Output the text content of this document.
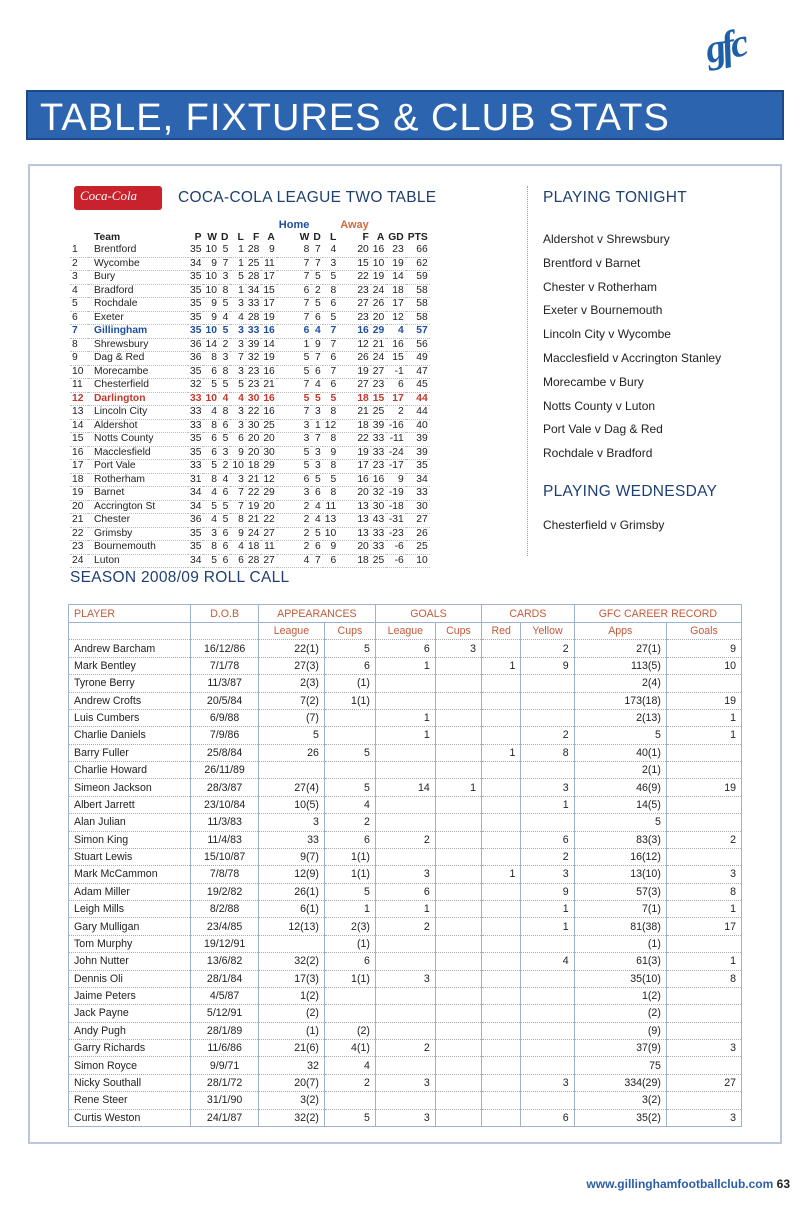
gfc
TABLE, FIXTURES & CLUB STATS
Coca-Cola	COCA-COLA LEAGUE TWO TABLE
								Home			Away			
	Team	P	W	D	L	F	A	W	D	L	F	A	GD	PTS
1	Brentford	35	10	5	1	28	9	8	7	4	20	16	23	66
2	Wycombe	34	9	7	1	25	11	7	7	3	15	10	19	62
3	Bury	35	10	3	5	28	17	7	5	5	22	19	14	59
4	Bradford	35	10	8	1	34	15	6	2	8	23	24	18	58
5	Rochdale	35	9	5	3	33	17	7	5	6	27	26	17	58
6	Exeter	35	9	4	4	28	19	7	6	5	23	20	12	58
7	Gillingham	35	10	5	3	33	16	6	4	7	16	29	4	57
8	Shrewsbury	36	14	2	3	39	14	1	9	7	12	21	16	56
9	Dag & Red	36	8	3	7	32	19	5	7	6	26	24	15	49
10	Morecambe	35	6	8	3	23	16	5	6	7	19	27	-1	47
11	Chesterfield	32	5	5	5	23	21	7	4	6	27	23	6	45
12	Darlington	33	10	4	4	30	16	5	5	5	18	15	17	44
13	Lincoln City	33	4	8	3	22	16	7	3	8	21	25	2	44
14	Aldershot	33	8	6	3	30	25	3	1	12	18	39	-16	40
15	Notts County	35	6	5	6	20	20	3	7	8	22	33	-11	39
16	Macclesfield	35	6	3	9	20	30	5	3	9	19	33	-24	39
17	Port Vale	33	5	2	10	18	29	5	3	8	17	23	-17	35
18	Rotherham	31	8	4	3	21	12	6	5	5	16	16	9	34
19	Barnet	34	4	6	7	22	29	3	6	8	20	32	-19	33
20	Accrington St	34	5	5	7	19	20	2	4	11	13	30	-18	30
21	Chester	36	4	5	8	21	22	2	4	13	13	43	-31	27
22	Grimsby	35	3	6	9	24	27	2	5	10	13	33	-23	26
23	Bournemouth	35	8	6	4	18	11	2	6	9	20	33	-6	25
24	Luton	34	5	6	6	28	27	4	7	6	18	25	-6	10
PLAYING TONIGHT
Aldershot v Shrewsbury
Brentford v Barnet
Chester v Rotherham
Exeter v Bournemouth
Lincoln City v Wycombe
Macclesfield v Accrington Stanley
Morecambe v Bury
Notts County v Luton
Port Vale v Dag & Red
Rochdale v Bradford
PLAYING WEDNESDAY
Chesterfield v Grimsby
SEASON 2008/09 ROLL CALL
PLAYER	D.O.B	APPEARANCES		GOALS		CARDS		GFC CAREER RECORD	
		League	Cups	League	Cups	Red	Yellow	Apps	Goals
Andrew Barcham	16/12/86	22(1)	5	6	3		2	27(1)	9
Mark Bentley	7/1/78	27(3)	6	1		1	9	113(5)	10
Tyrone Berry	11/3/87	2(3)	(1)					2(4)	
Andrew Crofts	20/5/84	7(2)	1(1)					173(18)	19
Luis Cumbers	6/9/88	(7)		1				2(13)	1
Charlie Daniels	7/9/86	5		1			2	5	1
Barry Fuller	25/8/84	26	5			1	8	40(1)	
Charlie Howard	26/11/89							2(1)	
Simeon Jackson	28/3/87	27(4)	5	14	1		3	46(9)	19
Albert Jarrett	23/10/84	10(5)	4				1	14(5)	
Alan Julian	11/3/83	3	2					5	
Simon King	11/4/83	33	6	2			6	83(3)	2
Stuart Lewis	15/10/87	9(7)	1(1)				2	16(12)	
Mark McCammon	7/8/78	12(9)	1(1)	3		1	3	13(10)	3
Adam Miller	19/2/82	26(1)	5	6			9	57(3)	8
Leigh Mills	8/2/88	6(1)	1	1			1	7(1)	1
Gary Mulligan	23/4/85	12(13)	2(3)	2			1	81(38)	17
Tom Murphy	19/12/91		(1)					(1)	
John Nutter	13/6/82	32(2)	6				4	61(3)	1
Dennis Oli	28/1/84	17(3)	1(1)	3				35(10)	8
Jaime Peters	4/5/87	1(2)						1(2)	
Jack Payne	5/12/91	(2)						(2)	
Andy Pugh	28/1/89	(1)	(2)					(9)	
Garry Richards	11/6/86	21(6)	4(1)	2				37(9)	3
Simon Royce	9/9/71	32	4					75	
Nicky Southall	28/1/72	20(7)	2	3			3	334(29)	27
Rene Steer	31/1/90	3(2)						3(2)	
Curtis Weston	24/1/87	32(2)	5	3			6	35(2)	3
www.gillinghamfootballclub.com 63
